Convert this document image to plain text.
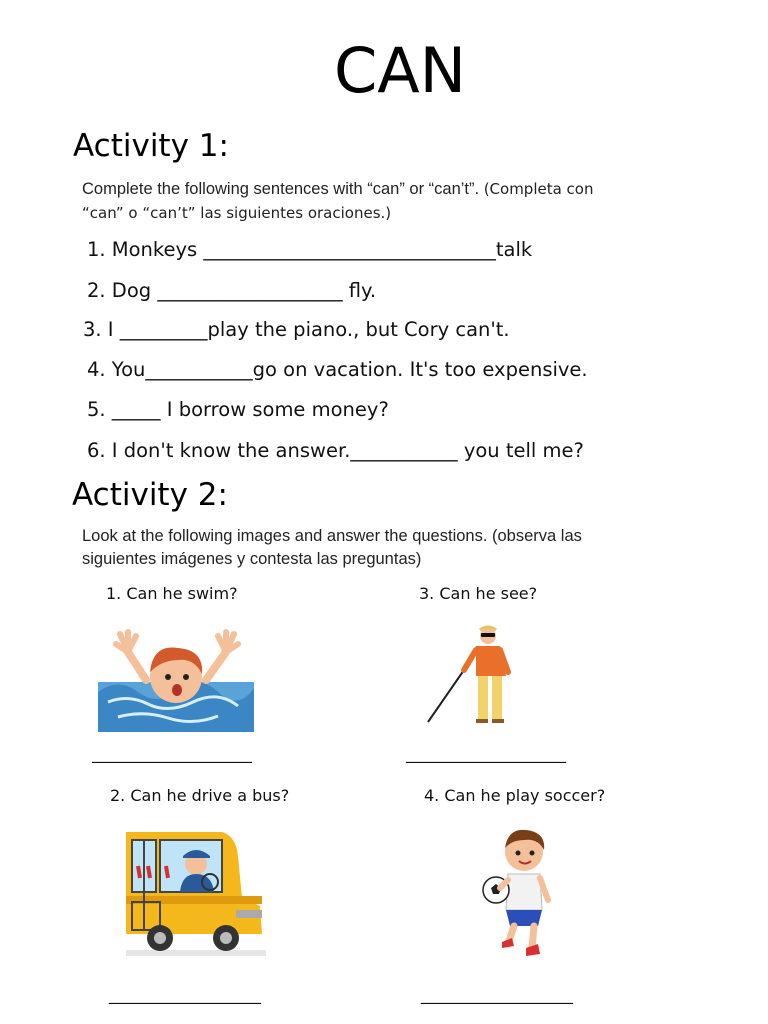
CAN
Activity 1:
Complete the following sentences with “can” or “can’t”. (Completa con
“can” o “can’t” las siguientes oraciones.)
1. Monkeys ______________________________talk
2. Dog ___________________ fly.
3. I _________play the piano., but Cory can't.
4. You___________go on vacation. It's too expensive.
5. _____ I borrow some money?
6. I don't know the answer.___________ you tell me?
Activity 2:
Look at the following images and answer the questions. (observa las
siguientes imágenes y contesta las preguntas)
1. Can he swim?
____________________
3. Can he see?
____________________
2. Can he drive a bus?
___________________
4. Can he play soccer?
___________________
